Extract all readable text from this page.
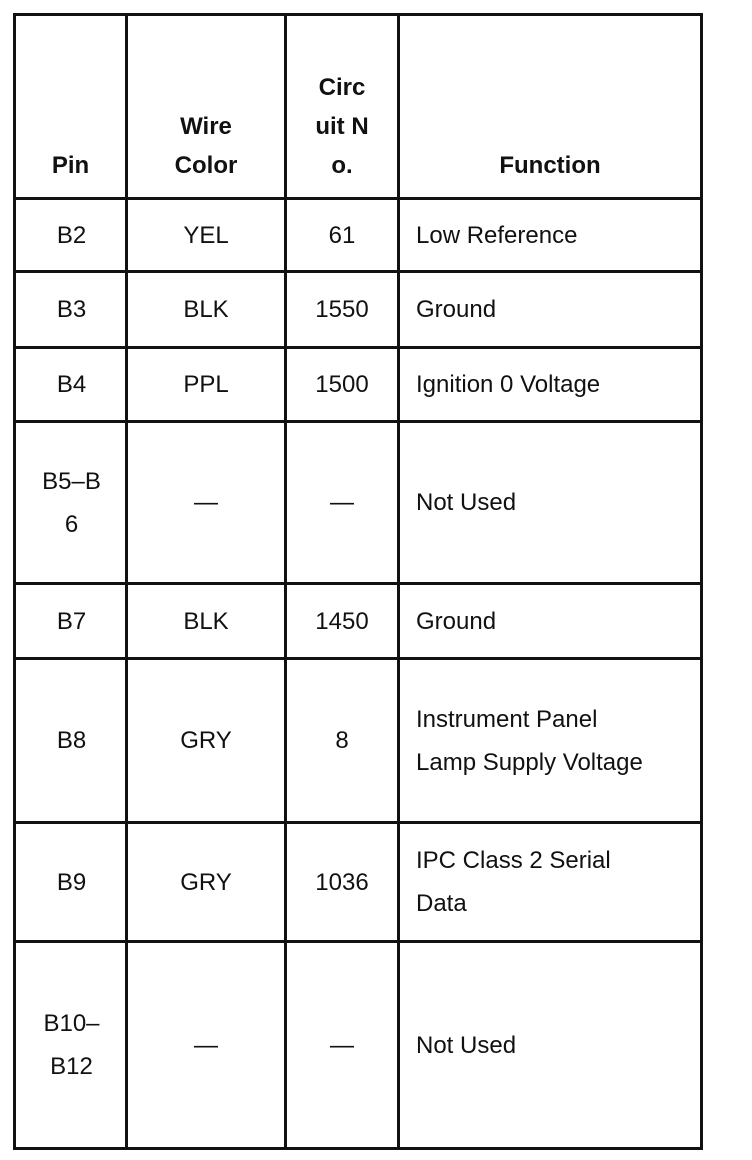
Pin	Wire Color	Circuit No.	Function
B2	YEL	61	Low Reference
B3	BLK	1550	Ground
B4	PPL	1500	Ignition 0 Voltage
B5–B6	—	—	Not Used
B7	BLK	1450	Ground
B8	GRY	8	Instrument Panel Lamp Supply Voltage
B9	GRY	1036	IPC Class 2 Serial Data
B10–B12	—	—	Not Used
